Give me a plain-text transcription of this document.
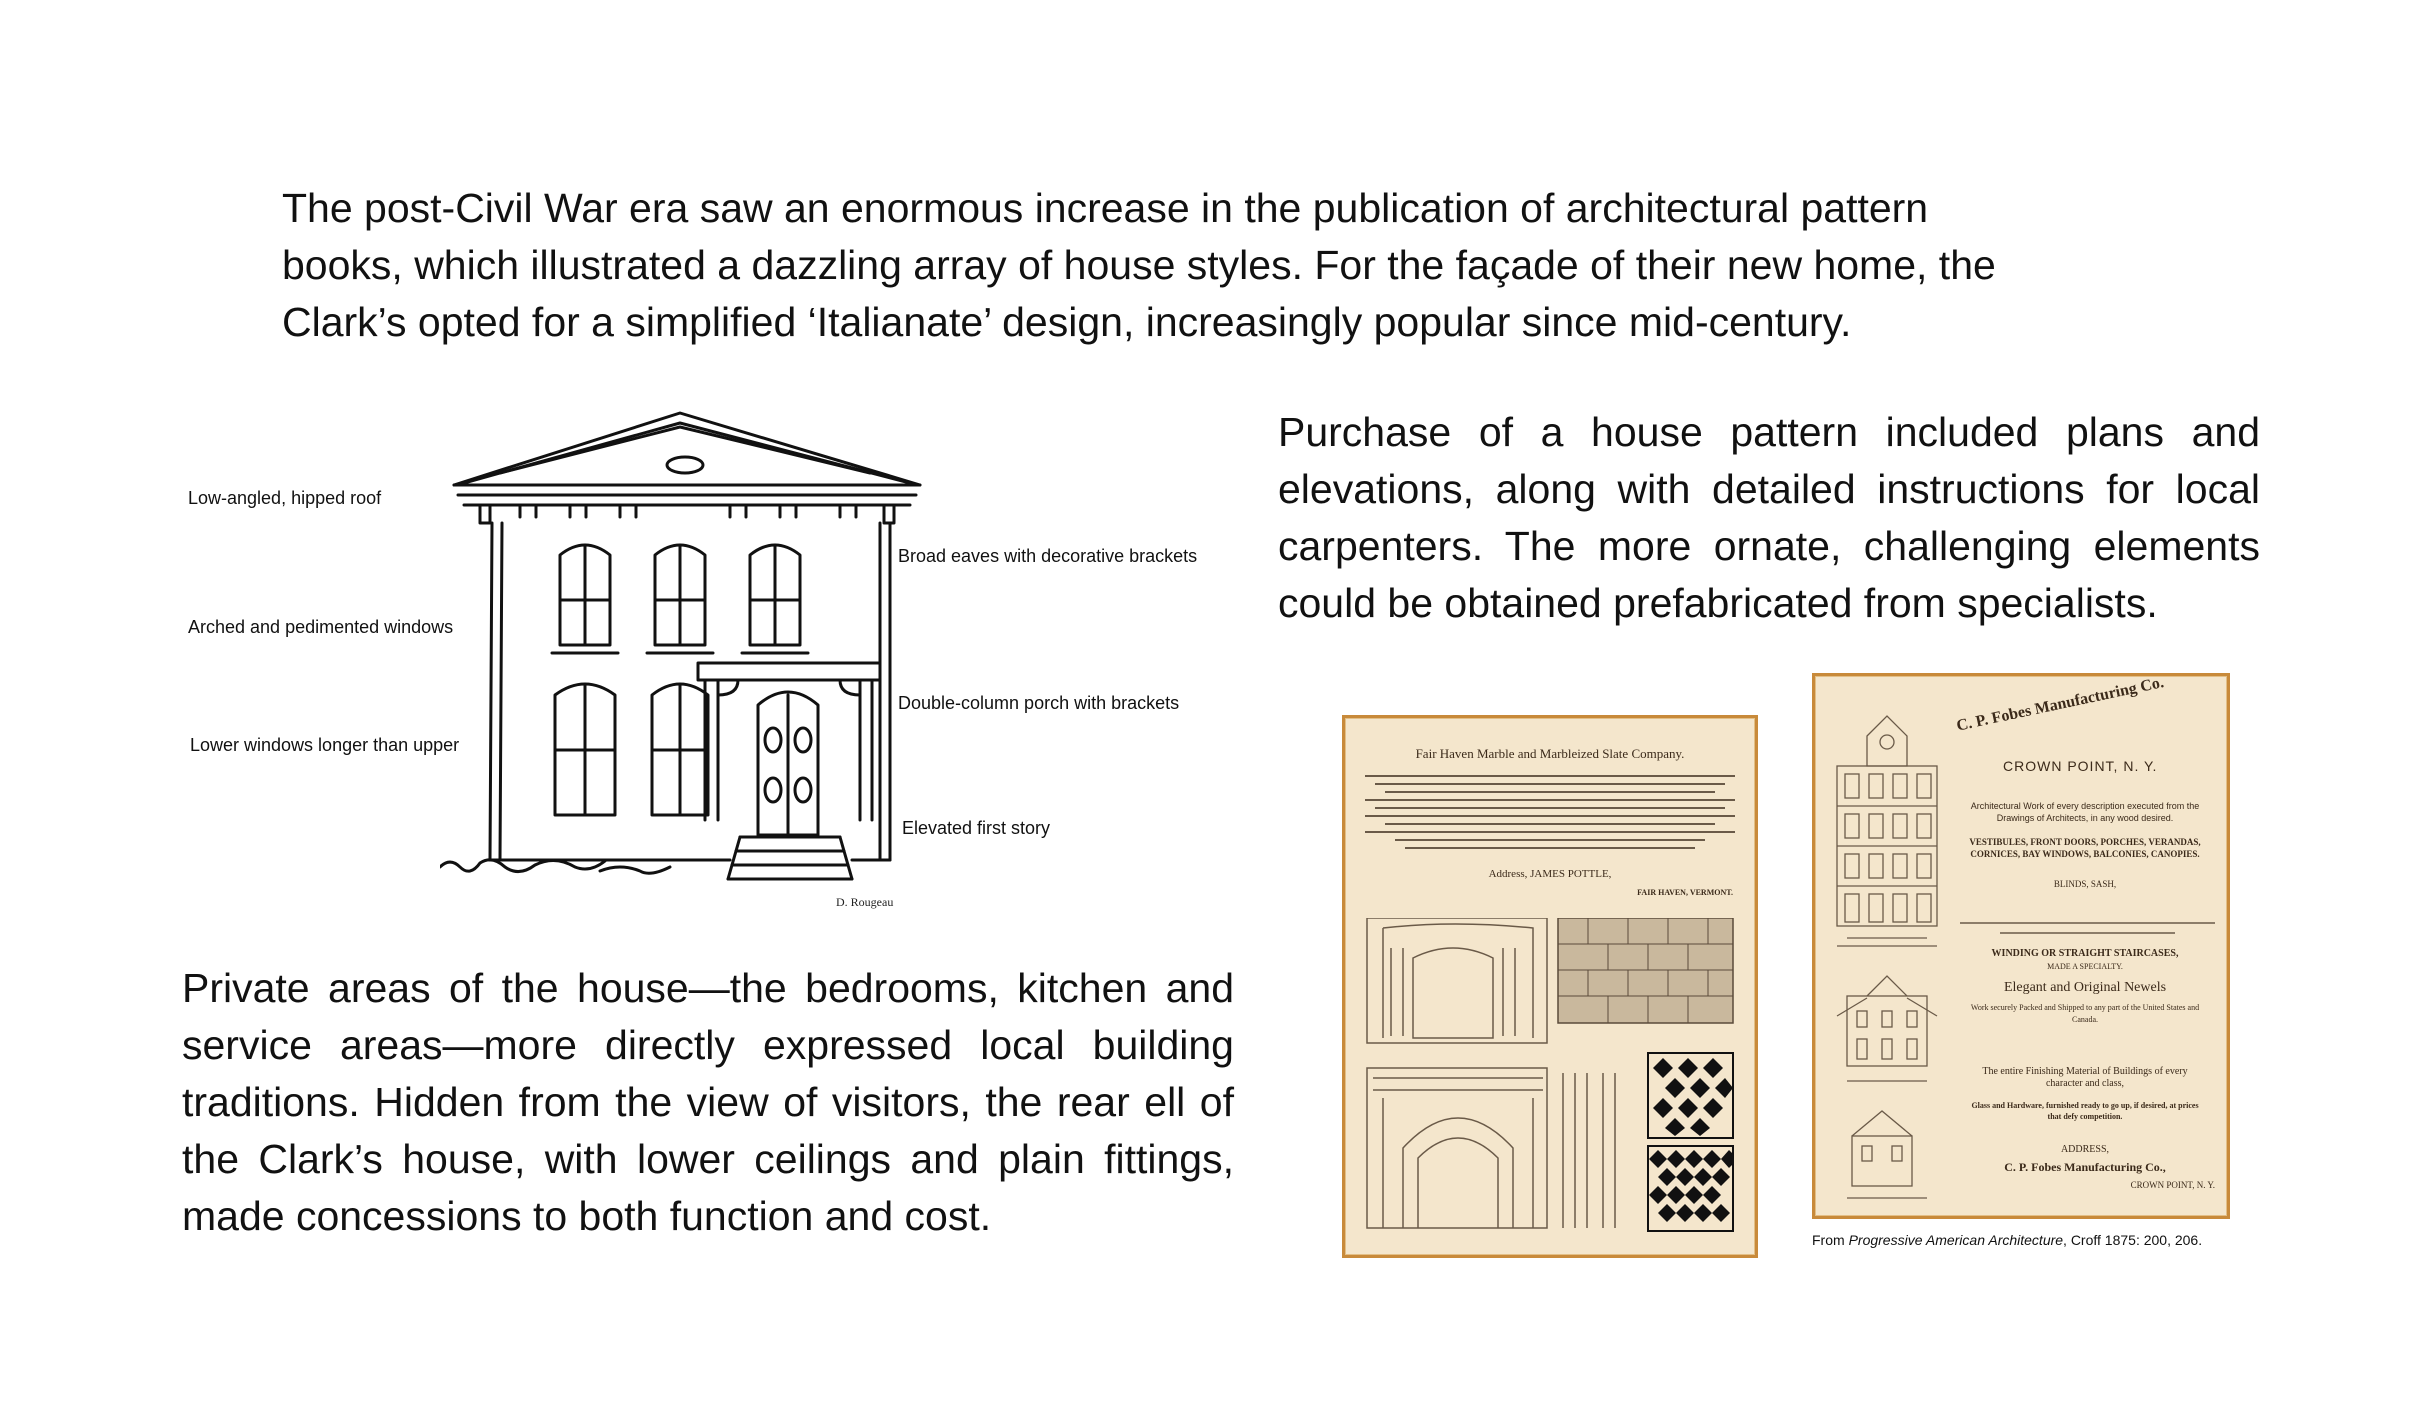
The post-Civil War era saw an enormous increase in the publication of architectural pattern books, which illustrated a dazzling array of house styles. For the façade of their new home, the Clark’s opted for a simplified ‘Italianate’ design, increasingly popular since mid-century.

Purchase of a house pattern included plans and elevations, along with detailed instructions for local carpenters. The more ornate, challenging elements could be obtained prefabricated from specialists.

Private areas of the house—the bedrooms, kitchen and service areas—more directly expressed local building traditions. Hidden from the view of visitors, the rear ell of the Clark’s house, with lower ceilings and plain fittings, made concessions to both function and cost.

Low-angled, hipped roof
Arched and pedimented windows
Lower windows longer than upper
Broad eaves with decorative brackets
Double-column porch with brackets
Elevated first story
D. Rougeau
Fair Haven Marble and Marbleized Slate Company.
Address, JAMES POTTLE,
FAIR HAVEN, VERMONT.
C. P. Fobes Manufacturing Co.
CROWN POINT, N. Y.
Architectural Work of every description executed from the Drawings of Architects, in any wood desired.
VESTIBULES, FRONT DOORS, PORCHES, VERANDAS, CORNICES, BAY WINDOWS, BALCONIES, CANOPIES.
BLINDS, SASH,
WINDING OR STRAIGHT STAIRCASES,
MADE A SPECIALTY.
Elegant and Original Newels
Work securely Packed and Shipped to any part of the United States and Canada.
The entire Finishing Material of Buildings of every character and class,
Glass and Hardware, furnished ready to go up, if desired, at prices that defy competition.
ADDRESS,
C. P. Fobes Manufacturing Co.,
CROWN POINT, N. Y.
From Progressive American Architecture, Croff 1875: 200, 206.
